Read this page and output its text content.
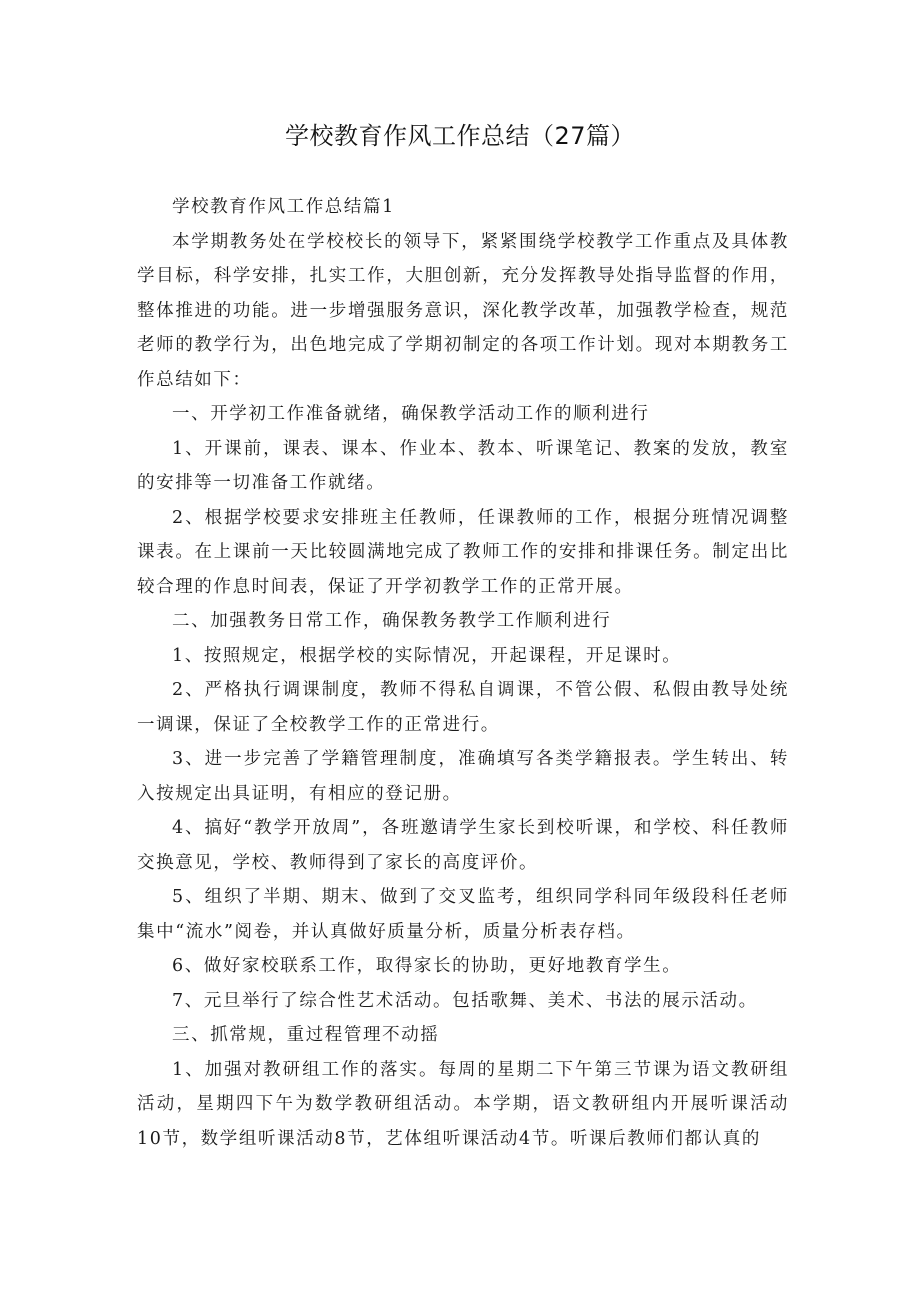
学校教育作风工作总结（27篇）

学校教育作风工作总结篇1

本学期教务处在学校校长的领导下，紧紧围绕学校教学工作重点及具体教学目标，科学安排，扎实工作，大胆创新，充分发挥教导处指导监督的作用，整体推进的功能。进一步增强服务意识，深化教学改革，加强教学检查，规范老师的教学行为，出色地完成了学期初制定的各项工作计划。现对本期教务工作总结如下：

一、开学初工作准备就绪，确保教学活动工作的顺利进行

1、开课前，课表、课本、作业本、教本、听课笔记、教案的发放，教室的安排等一切准备工作就绪。

2、根据学校要求安排班主任教师，任课教师的工作，根据分班情况调整课表。在上课前一天比较圆满地完成了教师工作的安排和排课任务。制定出比较合理的作息时间表，保证了开学初教学工作的正常开展。

二、加强教务日常工作，确保教务教学工作顺利进行

1、按照规定，根据学校的实际情况，开起课程，开足课时。

2、严格执行调课制度，教师不得私自调课，不管公假、私假由教导处统一调课，保证了全校教学工作的正常进行。

3、进一步完善了学籍管理制度，准确填写各类学籍报表。学生转出、转入按规定出具证明，有相应的登记册。

4、搞好“教学开放周”，各班邀请学生家长到校听课，和学校、科任教师交换意见，学校、教师得到了家长的高度评价。

5、组织了半期、期末、做到了交叉监考，组织同学科同年级段科任老师集中“流水”阅卷，并认真做好质量分析，质量分析表存档。

6、做好家校联系工作，取得家长的协助，更好地教育学生。

7、元旦举行了综合性艺术活动。包括歌舞、美术、书法的展示活动。

三、抓常规，重过程管理不动摇

1、加强对教研组工作的落实。每周的星期二下午第三节课为语文教研组活动，星期四下午为数学教研组活动。本学期，语文教研组内开展听课活动10节，数学组听课活动8节，艺体组听课活动4节。听课后教师们都认真的
